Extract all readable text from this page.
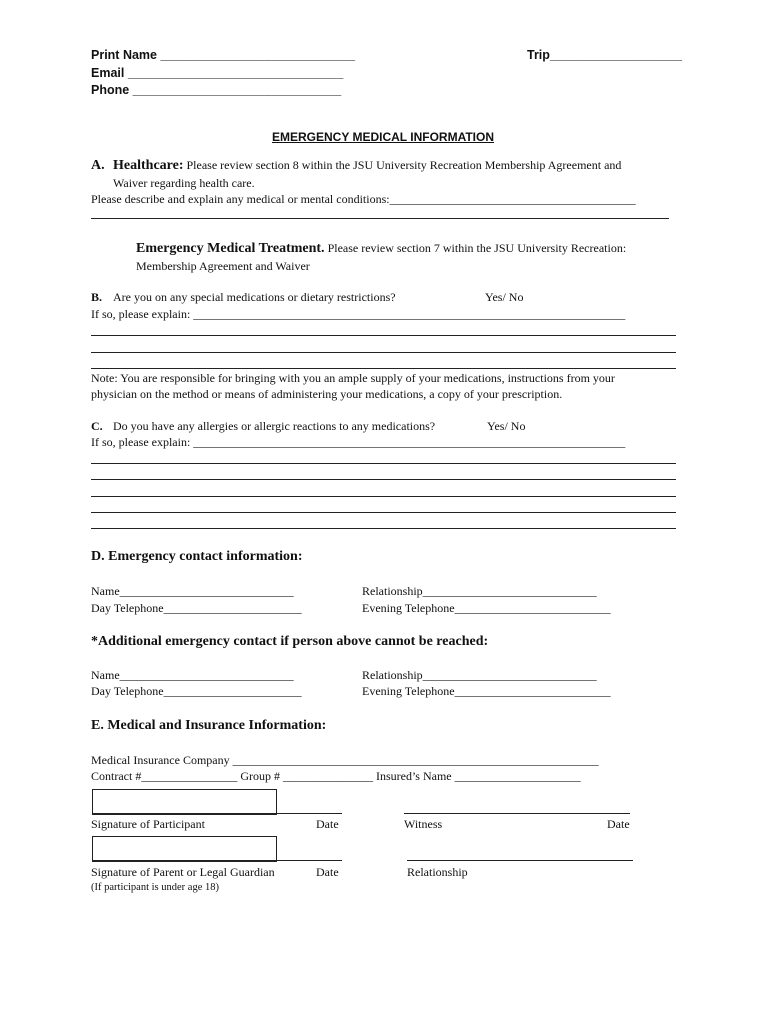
Print Name ____________________________	Trip___________________
Email _______________________________
Phone ______________________________
EMERGENCY MEDICAL INFORMATION
A. Healthcare: Please review section 8 within the JSU University Recreation Membership Agreement and
Waiver regarding health care.
Please describe and explain any medical or mental conditions:_________________________________________
Emergency Medical Treatment. Please review section 7 within the JSU University Recreation:
Membership Agreement and Waiver
B. Are you on any special medications or dietary restrictions?	Yes/ No
If so, please explain: ________________________________________________________________________
Note: You are responsible for bringing with you an ample supply of your medications, instructions from your
physician on the method or means of administering your medications, a copy of your prescription.
C. Do you have any allergies or allergic reactions to any medications?	Yes/ No
If so, please explain: ________________________________________________________________________
D. Emergency contact information:
Name_____________________________	Relationship_____________________________
Day Telephone_______________________	Evening Telephone__________________________
*Additional emergency contact if person above cannot be reached:
Name_____________________________	Relationship_____________________________
Day Telephone_______________________	Evening Telephone__________________________
E. Medical and Insurance Information:
Medical Insurance Company _____________________________________________________________
Contract #________________ Group # _______________ Insured’s Name _____________________
Signature of Participant	Date	Witness	Date
Signature of Parent or Legal Guardian	Date	Relationship
(If participant is under age 18)
